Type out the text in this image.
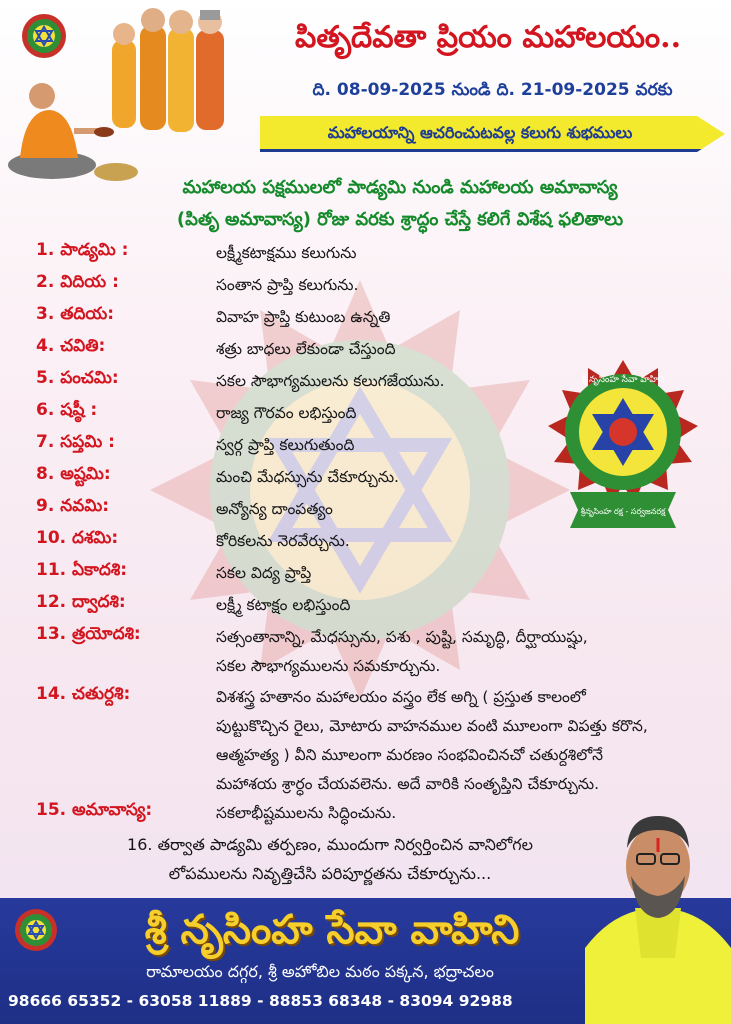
పితృదేవతా ప్రియం మహాలయం..
ది. 08-09-2025 నుండి ది. 21-09-2025 వరకు
మహాలయాన్ని ఆచరించుటవల్ల కలుగు శుభములు
మహాలయ పక్షములలో పాడ్యమి నుండి మహాలయ అమావాస్య
(పితృ అమావాస్య) రోజు వరకు శ్రాద్ధం చేస్తే కలిగే విశేష ఫలితాలు
1. పాడ్యమి :	లక్ష్మీకటాక్షము కలుగును
2. విదియ :	సంతాన ప్రాప్తి కలుగును.
3. తదియ:	వివాహ ప్రాప్తి కుటుంబ ఉన్నతి
4. చవితి:	శత్రు బాధలు లేకుండా చేస్తుంది
5. పంచమి:	సకల సౌభాగ్యములను కలుగజేయును.
6. షష్ఠీ :	రాజ్య గౌరవం లభిస్తుంది
7. సప్తమి :	స్వర్గ ప్రాప్తి కలుగుతుంది
8. అష్టమి:	మంచి మేధస్సును చేకూర్చును.
9. నవమి:	అన్యోన్య దాంపత్యం
10. దశమి:	కోరికలను నెరవేర్చును.
11. ఏకాదశి:	సకల విద్య ప్రాప్తి
12. ద్వాదశి:	లక్ష్మీ కటాక్షం లభిస్తుంది
13. త్రయోదశి:	సత్సంతానాన్ని, మేధస్సును, పశు , పుష్టి, సమృద్ధి, దీర్ఘాయుష్షు,
సకల సౌభాగ్యములను సమకూర్చును.
14. చతుర్దశి:	విశశస్త్ర హతానం మహాలయం వస్త్రం లేక అగ్ని ( ప్రస్తుత కాలంలో
పుట్టుకొచ్చిన రైలు, మోటారు వాహనముల వంటి మూలంగా విపత్తు కరొన,
ఆత్మహత్య ) వీని మూలంగా మరణం సంభవించినచో చతుర్దశిలోనే
మహాశయ శ్రార్ధం చేయవలెను. అదే వారికి సంతృప్తిని చేకూర్చును.
15. అమావాస్య:	సకలాభీష్టములను సిద్ధించును.
శ్రీ నృసింహ సేవా వాహిని
శ్రీనృసింహ రక్ష - సర్వజనరక్ష
16. తర్వాత పాడ్యమి తర్పణం, ముందుగా నిర్వర్తించిన వానిలోగల
లోపములను నివృత్తిచేసి పరిపూర్ణతను చేకూర్చును...
శ్రీ నృసింహ సేవా వాహిని
రామాలయం దగ్గర, శ్రీ అహోబిల మఠం పక్కన, భద్రాచలం
98666 65352 - 63058 11889 - 88853 68348 - 83094 92988
